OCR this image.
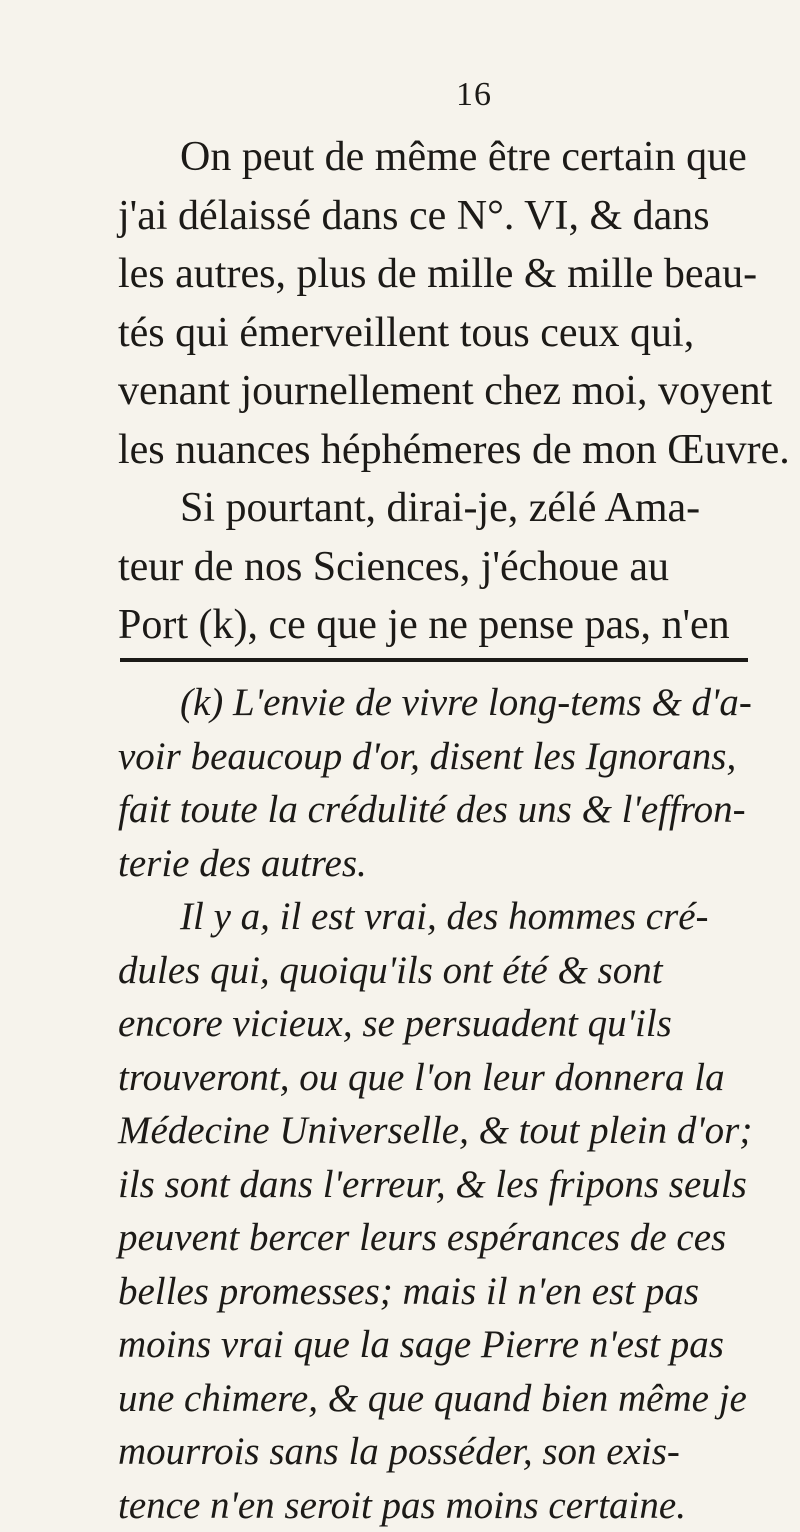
16
On peut de même être certain que
j'ai délaissé dans ce N°. VI, & dans
les autres, plus de mille & mille beau-
tés qui émerveillent tous ceux qui,
venant journellement chez moi, voyent
les nuances héphémeres de mon Œuvre.
Si pourtant, dirai-je, zélé Ama-
teur de nos Sciences, j'échoue au
Port (k), ce que je ne pense pas, n'en
(k) L'envie de vivre long-tems & d'a-
voir beaucoup d'or, disent les Ignorans,
fait toute la crédulité des uns & l'effron-
terie des autres.
Il y a, il est vrai, des hommes cré-
dules qui, quoiqu'ils ont été & sont
encore vicieux, se persuadent qu'ils
trouveront, ou que l'on leur donnera la
Médecine Universelle, & tout plein d'or;
ils sont dans l'erreur, & les fripons seuls
peuvent bercer leurs espérances de ces
belles promesses; mais il n'en est pas
moins vrai que la sage Pierre n'est pas
une chimere, & que quand bien même je
mourrois sans la posséder, son exis-
tence n'en seroit pas moins certaine.
